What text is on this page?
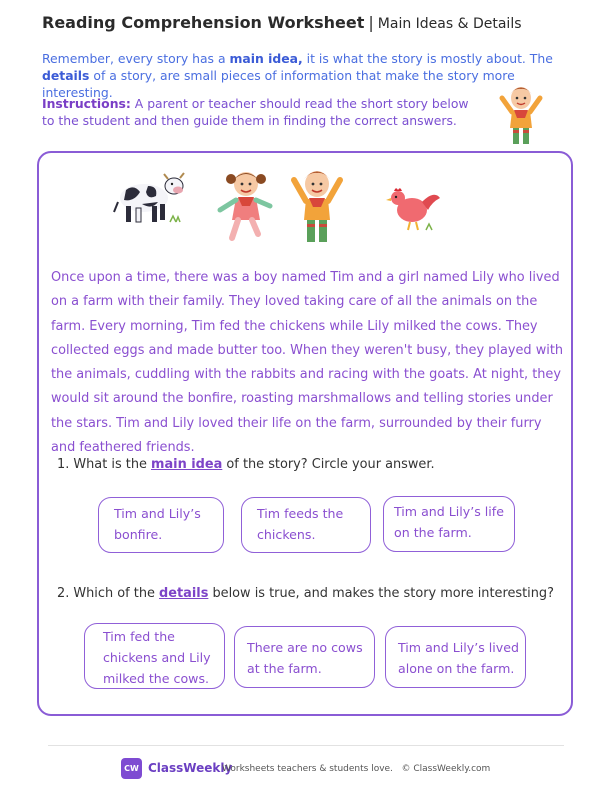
Reading Comprehension Worksheet | Main Ideas & Details
Remember, every story has a main idea, it is what the story is mostly about. The details of a story, are small pieces of information that make the story more interesting.
Instructions: A parent or teacher should read the short story below to the student and then guide them in finding the correct answers.
Once upon a time, there was a boy named Tim and a girl named Lily who lived on a farm with their family. They loved taking care of all the animals on the farm. Every morning, Tim fed the chickens while Lily milked the cows. They collected eggs and made butter too. When they weren't busy, they played with the animals, cuddling with the rabbits and racing with the goats. At night, they would sit around the bonfire, roasting marshmallows and telling stories under the stars. Tim and Lily loved their life on the farm, surrounded by their furry and feathered friends.
1. What is the main idea of the story? Circle your answer.
Tim and Lily’s bonfire.
Tim feeds the chickens.
Tim and Lily’s life on the farm.
2. Which of the details below is true, and makes the story more interesting?
Tim fed the chickens and Lily milked the cows.
There are no cows at the farm.
Tim and Lily’s lived alone on the farm.
CW ClassWeekly
Worksheets teachers & students love.   © ClassWeekly.com
